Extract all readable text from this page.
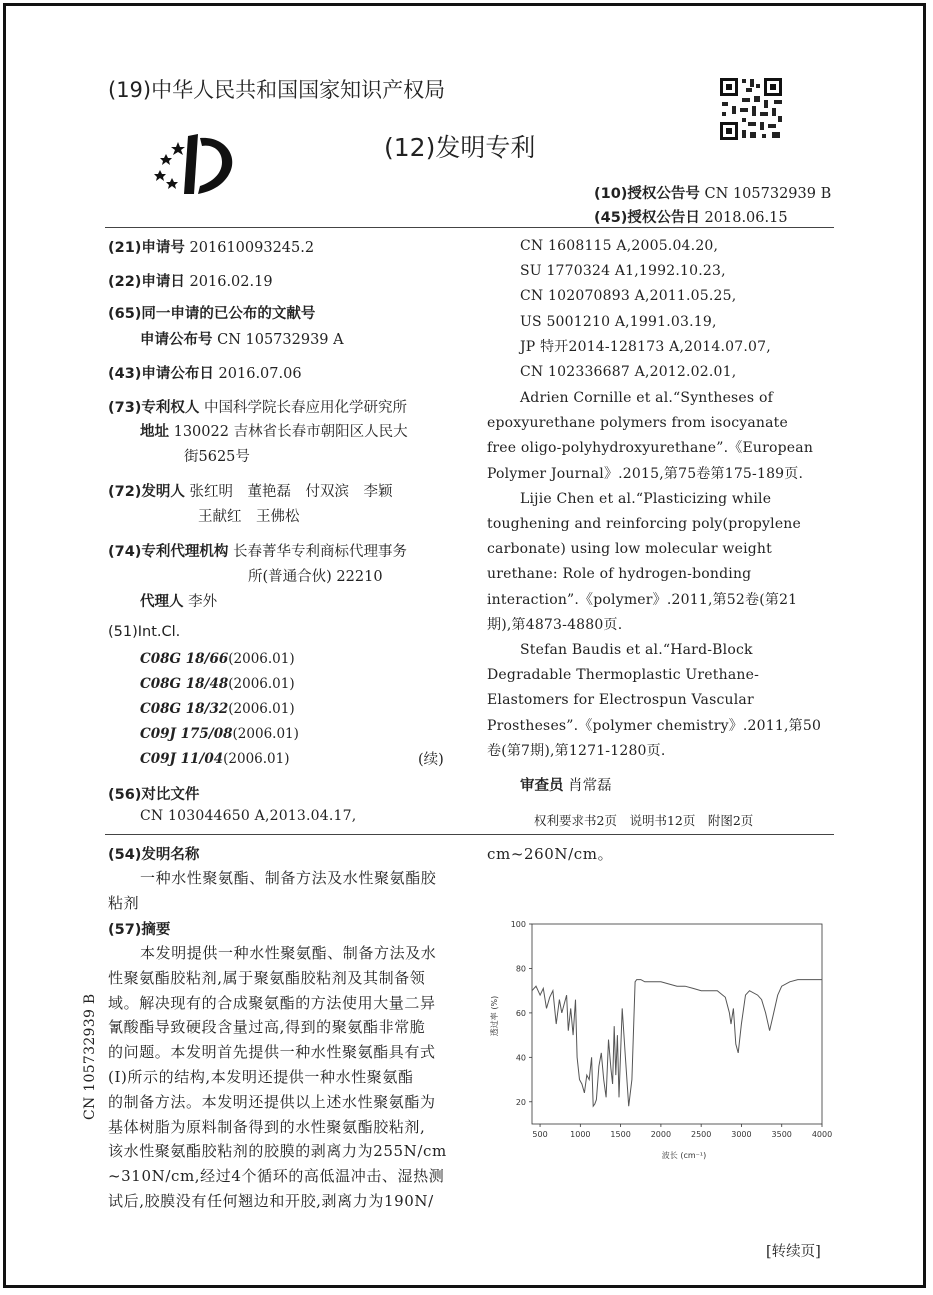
(19)中华人民共和国国家知识产权局
(12)发明专利
(10)授权公告号 CN 105732939 B
(45)授权公告日 2018.06.15
(21)申请号 201610093245.2
(22)申请日 2016.02.19
(65)同一申请的已公布的文献号
申请公布号 CN 105732939 A
(43)申请公布日 2016.07.06
(73)专利权人 中国科学院长春应用化学研究所
地址 130022 吉林省长春市朝阳区人民大
街5625号
(72)发明人 张红明　董艳磊　付双滨　李颖
王献红　王佛松
(74)专利代理机构 长春菁华专利商标代理事务
所(普通合伙) 22210
代理人 李外
(51)Int.Cl.
C08G 18/66(2006.01)
C08G 18/48(2006.01)
C08G 18/32(2006.01)
C09J 175/08(2006.01)
C09J 11/04(2006.01)	(续)
(56)对比文件
CN 103044650 A,2013.04.17,
CN 1608115 A,2005.04.20,
SU 1770324 A1,1992.10.23,
CN 102070893 A,2011.05.25,
US 5001210 A,1991.03.19,
JP 特开2014-128173 A,2014.07.07,
CN 102336687 A,2012.02.01,
Adrien Cornille et al.“Syntheses of
epoxyurethane polymers from isocyanate
free oligo-polyhydroxyurethane”.《European
Polymer Journal》.2015,第75卷第175-189页.
Lijie Chen et al.“Plasticizing while
toughening and reinforcing poly(propylene
carbonate) using low molecular weight
urethane: Role of hydrogen-bonding
interaction”.《polymer》.2011,第52卷(第21
期),第4873-4880页.
Stefan Baudis et al.“Hard-Block
Degradable Thermoplastic Urethane-
Elastomers for Electrospun Vascular
Prostheses”.《polymer chemistry》.2011,第50
卷(第7期),第1271-1280页.
审查员 肖常磊
权利要求书2页　说明书12页　附图2页
(54)发明名称
一种水性聚氨酯、制备方法及水性聚氨酯胶
粘剂
(57)摘要
本发明提供一种水性聚氨酯、制备方法及水
性聚氨酯胶粘剂,属于聚氨酯胶粘剂及其制备领
域。解决现有的合成聚氨酯的方法使用大量二异
氰酸酯导致硬段含量过高,得到的聚氨酯非常脆
的问题。本发明首先提供一种水性聚氨酯具有式
(I)所示的结构,本发明还提供一种水性聚氨酯
的制备方法。本发明还提供以上述水性聚氨酯为
基体树脂为原料制备得到的水性聚氨酯胶粘剂,
该水性聚氨酯胶粘剂的胶膜的剥离力为255N/cm
~310N/cm,经过4个循环的高低温冲击、湿热测
试后,胶膜没有任何翘边和开胶,剥离力为190N/
cm~260N/cm。
CN 105732939 B
500	1000 1500 2000 2500 3000 3500 4000
20
40
60
80
100
波长 (cm⁻¹)
透过率 (%)
[转续页]
